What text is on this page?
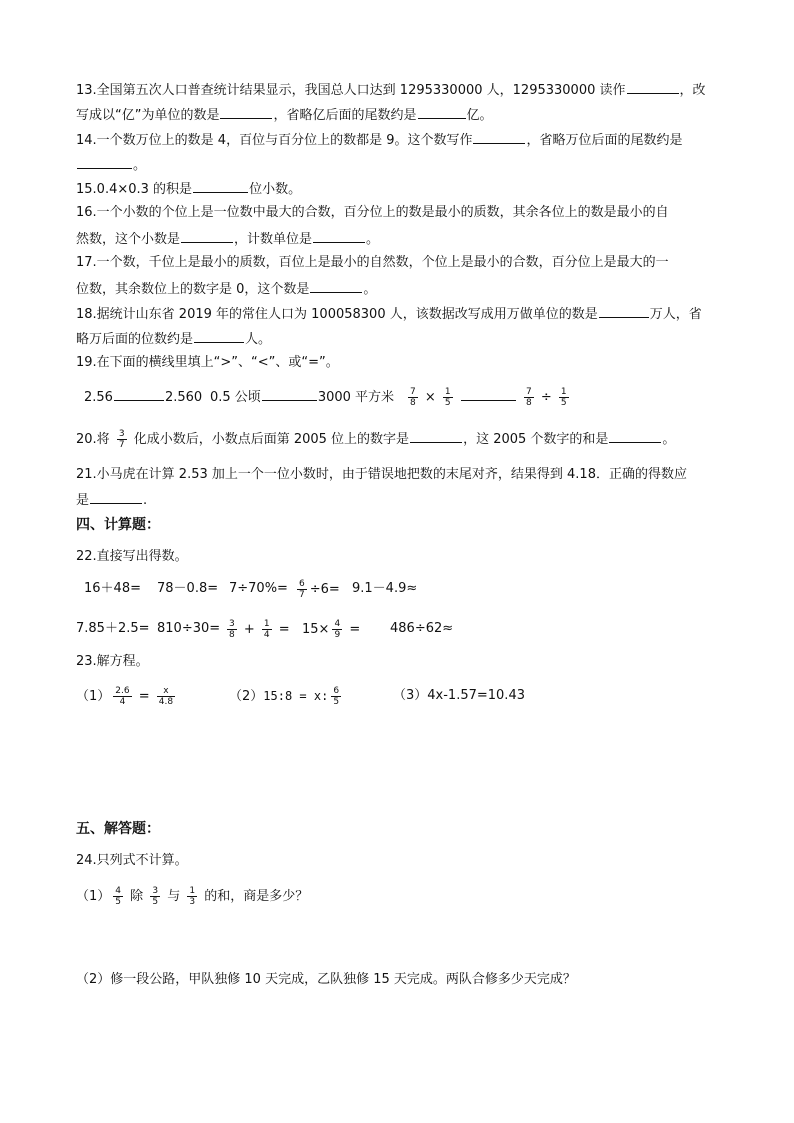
13.全国第五次人口普查统计结果显示，我国总人口达到 1295330000 人，1295330000 读作	，改
写成以“亿”为单位的数是	，省略亿后面的尾数约是	亿。
14.一个数万位上的数是 4，百位与百分位上的数都是 9。这个数写作	，省略万位后面的尾数约是
。
15.0.4×0.3 的积是	位小数。
16.一个小数的个位上是一位数中最大的合数，百分位上的数是最小的质数，其余各位上的数是最小的自
然数，这个小数是	，计数单位是	。
17.一个数，千位上是最小的质数，百位上是最小的自然数，个位上是最小的合数，百分位上是最大的一
位数，其余数位上的数字是 0，这个数是	。
18.据统计山东省 2019 年的常住人口为 100058300 人，该数据改写成用万做单位的数是	万人，省
略万后面的位数约是	人。
19.在下面的横线里填上“>”、“<”、或“=”。
2.56	2.560 0.5 公顷	3000 平方米 $\frac{7}{8} \times \frac{1}{5}$
	$\frac{7}{8} \div \frac{1}{5}$
20.将 $\frac{3}{7}$ 化成小数后，小数点后面第 2005 位上的数字是	，这 2005 个数字的和是	。
21.小马虎在计算 2.53 加上一个一位小数时，由于错误地把数的末尾对齐，结果得到 4.18．正确的得数应
是	.
四、计算题：
22.直接写出得数。
$16+48= 78-0.8= 7\div 70\%= \frac{6}{7} \div 6= 9.1-4.9\approx$
$7.85+2.5= 810\div 30= \frac{3}{8} + \frac{1}{4} = 15\times \frac{4}{9} = 486\div 62\approx$
23.解方程。
$(1) \frac{2.6}{4} = \frac{x}{4.8}$	（2）15:8 = x: $\frac{6}{5}$	（3）4x-1.57=10.43
五、解答题：
24.只列式不计算。
$(1) \frac{4}{5}$ 除 $\frac{3}{5}$ 与 $\frac{1}{3}$ 的和，商是多少？
（2）修一段公路，甲队独修 10 天完成，乙队独修 15 天完成。两队合修多少天完成？
